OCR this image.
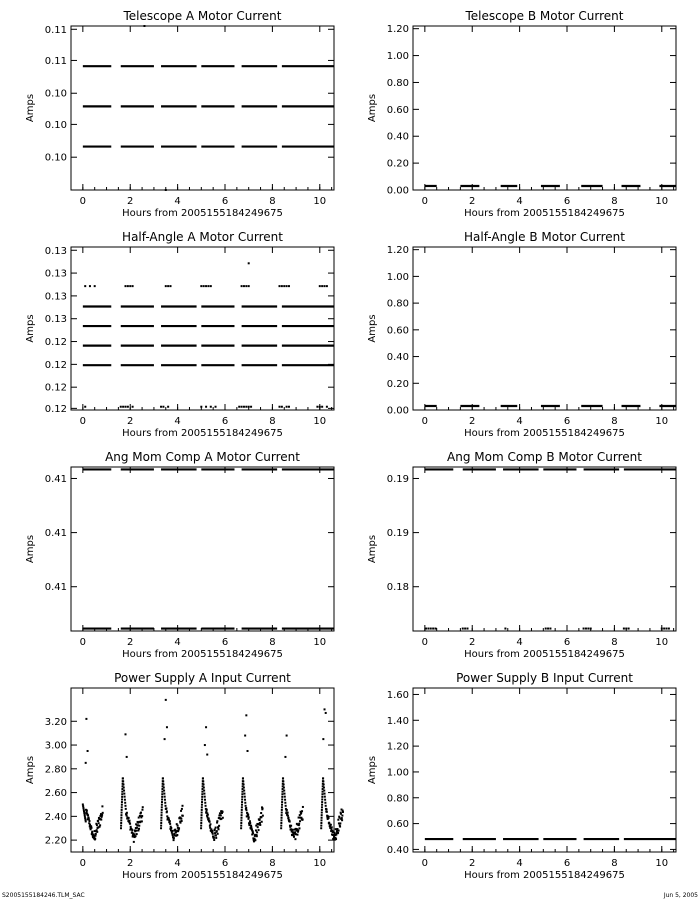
Telescope A Motor Current
Hours from 2005155184249675
Amps
0	2	4	6	8	10
0.11
0.11
0.10
0.10
0.10
Telescope B Motor Current
Hours from 2005155184249675
Amps
0	2	4	6	8	10
0.00
0.20
0.40
0.60
0.80
1.00
1.20
Half-Angle A Motor Current
Hours from 2005155184249675
Amps
0	2	4	6	8	10
0.13
0.13
0.13
0.13
0.12
0.12
0.12
0.12
Half-Angle B Motor Current
Hours from 2005155184249675
Amps
0	2	4	6	8	10
0.00
0.20
0.40
0.60
0.80
1.00
1.20
Ang Mom Comp A Motor Current
Hours from 2005155184249675
Amps
0	2	4	6	8	10
0.41
0.41
0.41
Ang Mom Comp B Motor Current
Hours from 2005155184249675
Amps
0	2	4	6	8	10
0.19
0.19
0.18
Power Supply A Input Current
Hours from 2005155184249675
Amps
0	2	4	6	8	10
2.20
2.40
2.60
2.80
3.00
3.20
Power Supply B Input Current
Hours from 2005155184249675
Amps
0	2	4	6	8	10
0.40
0.60
0.80
1.00
1.20
1.40
1.60
S2005155184246.TLM_SAC	Jun 5, 2005
